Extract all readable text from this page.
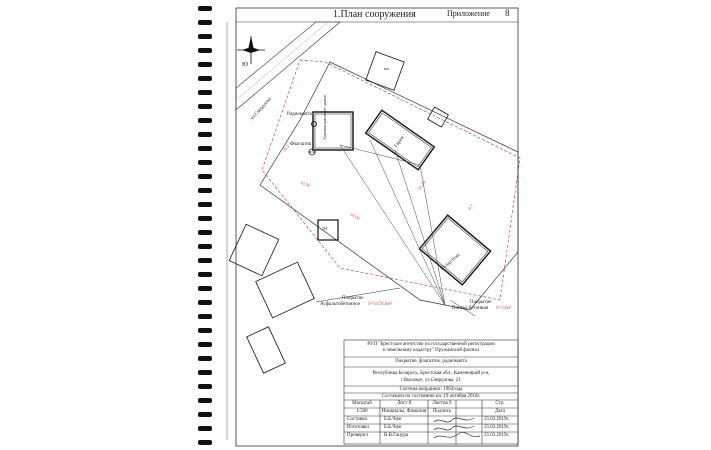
12.34
25.1
14.02
21.24
6.7
1.План сооружения	Приложение 8
Ю
ул.Свердлова	Радиомачта
Флагшток
Административное здание
Гараж
Склад-бокс
кж
1Н
Покрытие
Асфальтобетонное S=1478.0м²	Покрытие
Плитка бетонная S=12м²
РУП "Брестское агентство по государственной регистрации
и земельному кадастру" Пружанский филиал
Покрытие, флагшток, радиомачта
Республика Беларусь, Брестская обл., Каменецкий р-н,
г.Высокое, ул.Свердлова, 21
Система координат: 1963года
Составлен по состоянию на: 19 октября 2018г.
Масштаб	Лист 8	Листов 9	Стр.
1:500	Инициалы, Фамилия	Подпись	Дата
Составил	Б.Б.Чиж	25.03.2019г.
Изготовил	Б.Б.Чиж	25.03.2019г.
Проверил	В.В.Гацура	25.03.2019г.
